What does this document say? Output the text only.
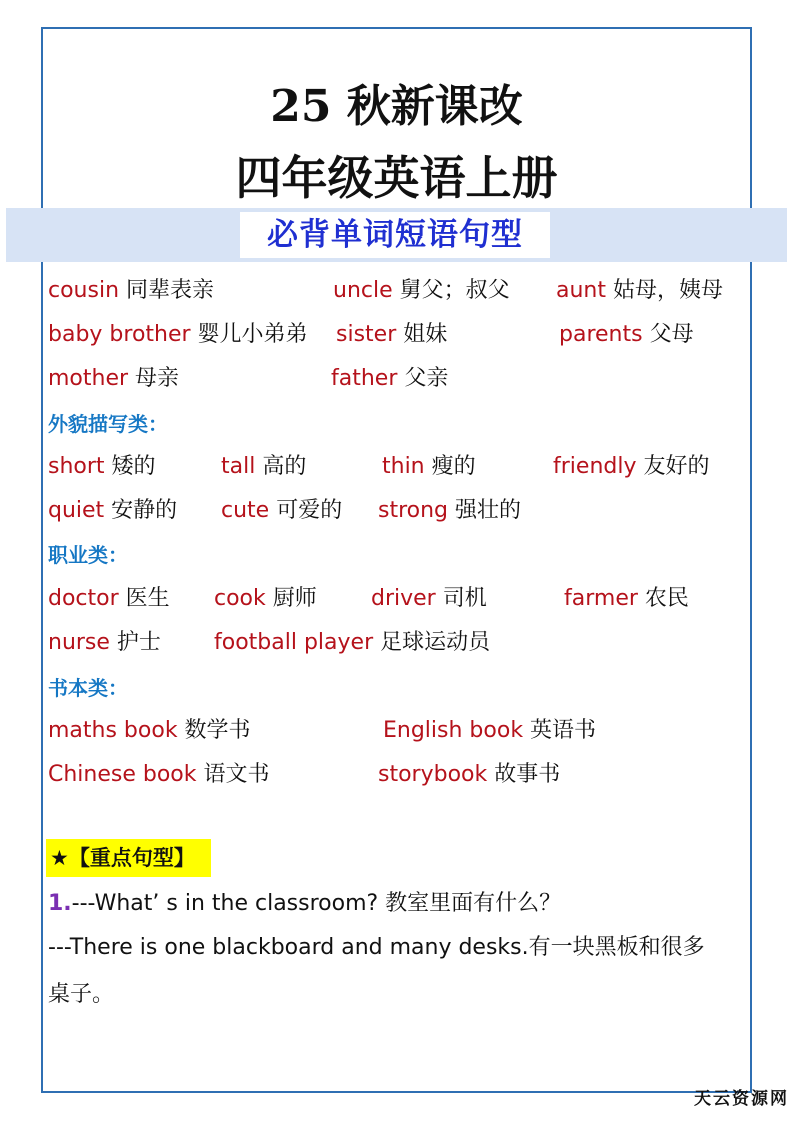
25 秋新课改
四年级英语上册
必背单词短语句型
cousin 同辈表亲	uncle 舅父；叔父 aunt 姑母，姨母
baby brother 婴儿小弟弟 sister 姐妹	parents 父母
mother 母亲	father 父亲
外貌描写类：
short 矮的	tall 高的	thin 瘦的	friendly 友好的
quiet 安静的 cute 可爱的 strong 强壮的
职业类：
doctor 医生 cook 厨师 driver 司机	farmer 农民
nurse 护士 football player 足球运动员
书本类：
maths book 数学书	English book 英语书
Chinese book 语文书	storybook 故事书
★【重点句型】
1.---What’ s in the classroom? 教室里面有什么？
---There is one blackboard and many desks.有一块黑板和很多
桌子。
天云资源网
